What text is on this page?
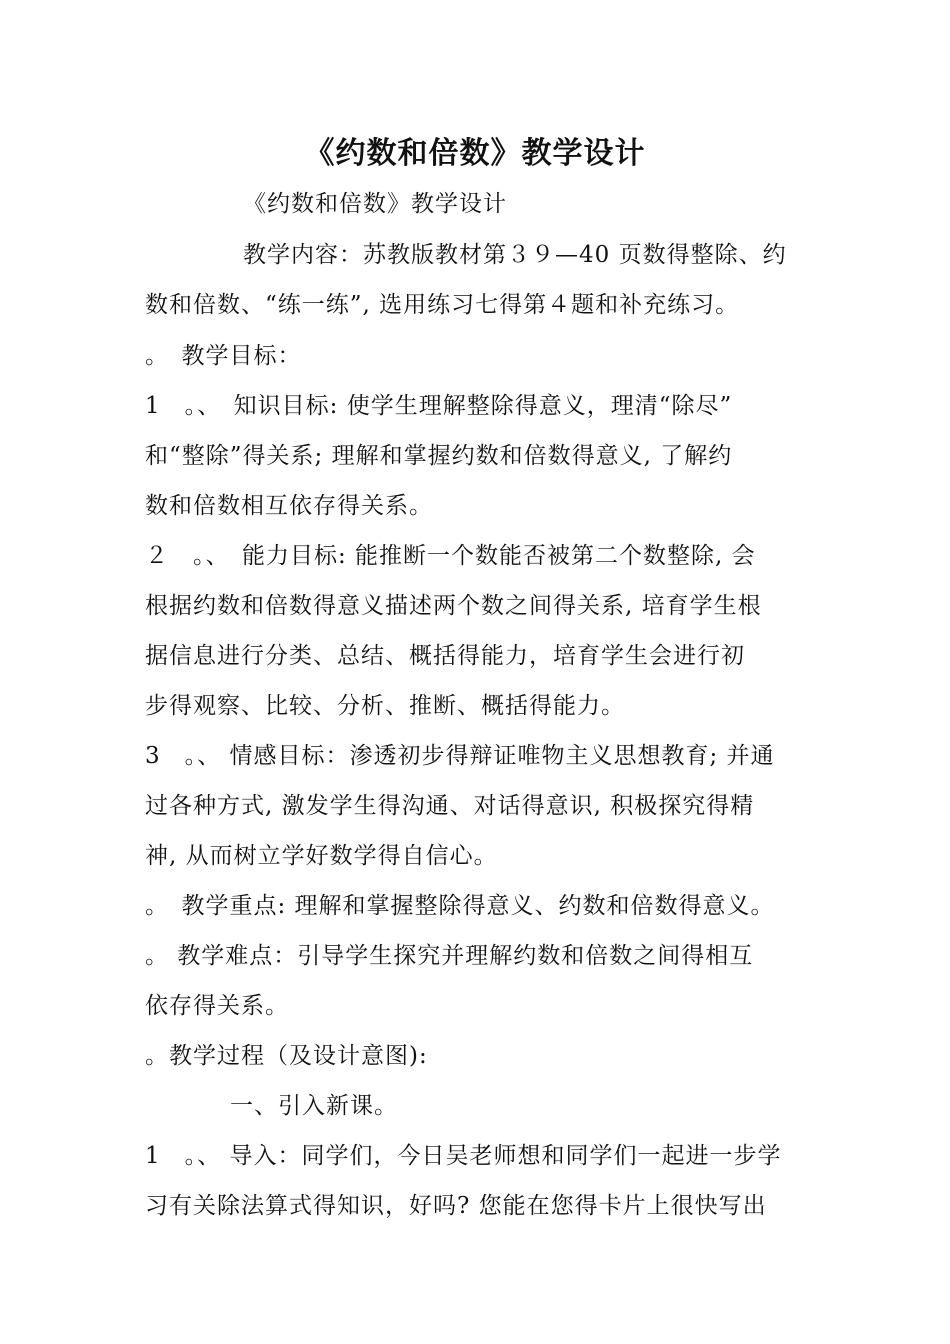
《约数和倍数》教学设计
《约数和倍数》教学设计
教学内容：苏教版教材第３９—40 页数得整除、约
数和倍数、“练一练”, 选用练习七得第４题和补充练习。
。　教学目标：
1　。、　知识目标: 使学生理解整除得意义，理清“除尽”
和“整除”得关系; 理解和掌握约数和倍数得意义, 了解约
数和倍数相互依存得关系。
２　。、　能力目标: 能推断一个数能否被第二个数整除, 会
根据约数和倍数得意义描述两个数之间得关系, 培育学生根
据信息进行分类、总结、概括得能力，培育学生会进行初
步得观察、比较、分析、推断、概括得能力。
3　。、 情感目标：渗透初步得辩证唯物主义思想教育; 并通
过各种方式, 激发学生得沟通、对话得意识, 积极探究得精
神, 从而树立学好数学得自信心。
。　教学重点: 理解和掌握整除得意义、约数和倍数得意义。
。 教学难点：引导学生探究并理解约数和倍数之间得相互
依存得关系。
。教学过程（及设计意图):
一、引入新课。
1　。、 导入：同学们，今日吴老师想和同学们一起进一步学
习有关除法算式得知识，好吗? 您能在您得卡片上很快写出
